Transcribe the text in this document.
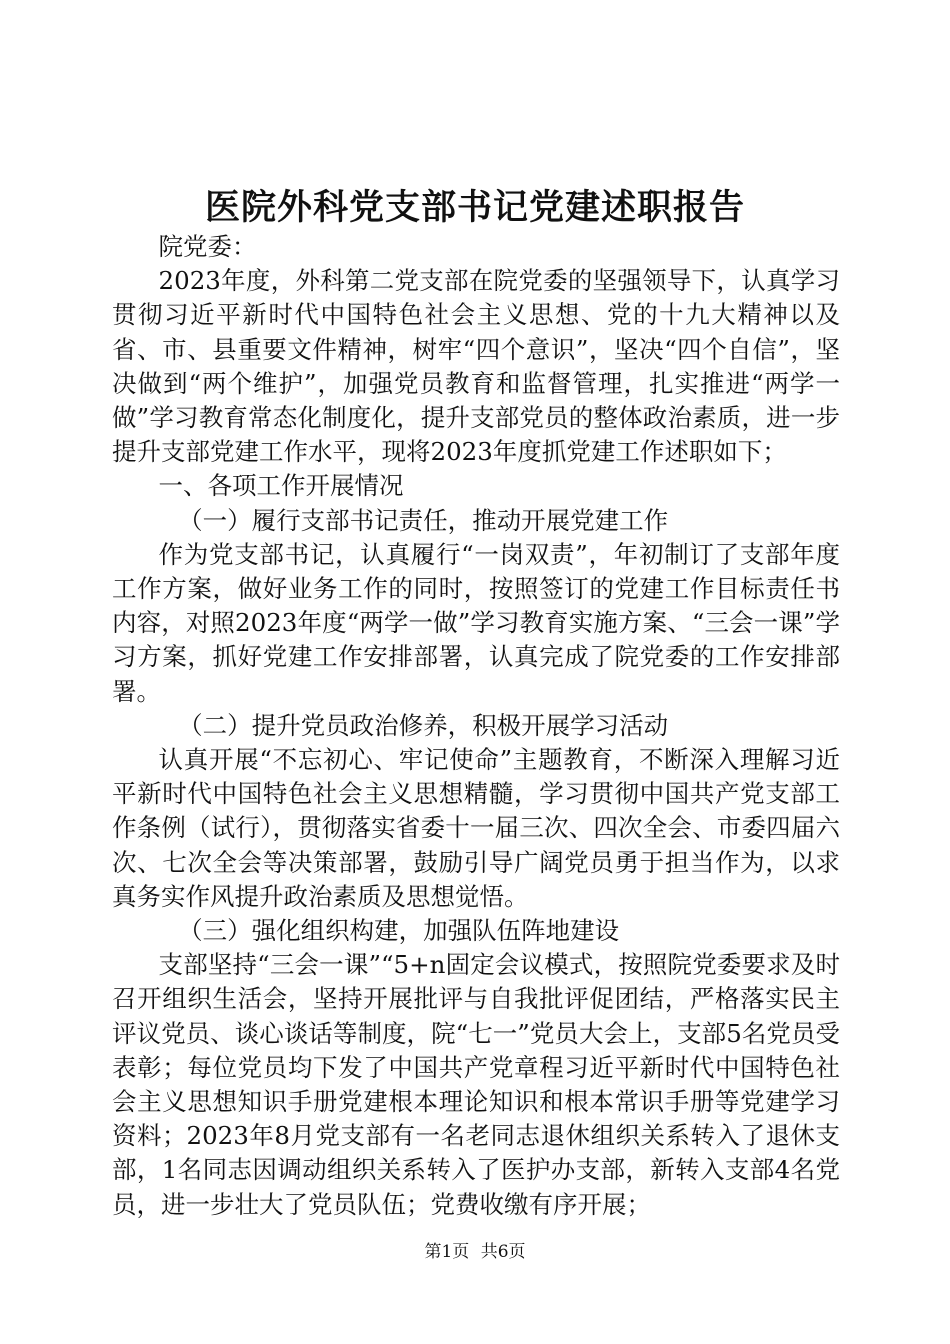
医院外科党支部书记党建述职报告

院党委：

2023年度，外科第二党支部在院党委的坚强领导下，认真学习贯彻习近平新时代中国特色社会主义思想、党的十九大精神以及省、市、县重要文件精神，树牢“四个意识”，坚决“四个自信”，坚决做到“两个维护”，加强党员教育和监督管理，扎实推进“两学一做”学习教育常态化制度化，提升支部党员的整体政治素质，进一步提升支部党建工作水平，现将2023年度抓党建工作述职如下；

一、各项工作开展情况

（一）履行支部书记责任，推动开展党建工作

作为党支部书记，认真履行“一岗双责”，年初制订了支部年度工作方案，做好业务工作的同时，按照签订的党建工作目标责任书内容，对照2023年度“两学一做”学习教育实施方案、“三会一课”学习方案，抓好党建工作安排部署，认真完成了院党委的工作安排部署。

（二）提升党员政治修养，积极开展学习活动

认真开展“不忘初心、牢记使命”主题教育，不断深入理解习近平新时代中国特色社会主义思想精髓，学习贯彻中国共产党支部工作条例（试行），贯彻落实省委十一届三次、四次全会、市委四届六次、七次全会等决策部署，鼓励引导广阔党员勇于担当作为，以求真务实作风提升政治素质及思想觉悟。

（三）强化组织构建，加强队伍阵地建设

支部坚持“三会一课”“5+n固定会议模式，按照院党委要求及时召开组织生活会，坚持开展批评与自我批评促团结，严格落实民主评议党员、谈心谈话等制度，院“七一”党员大会上，支部5名党员受表彰；每位党员均下发了中国共产党章程习近平新时代中国特色社会主义思想知识手册党建根本理论知识和根本常识手册等党建学习资料；2023年8月党支部有一名老同志退休组织关系转入了退休支部，1名同志因调动组织关系转入了医护办支部，新转入支部4名党员，进一步壮大了党员队伍；党费收缴有序开展；

第1页 共6页
